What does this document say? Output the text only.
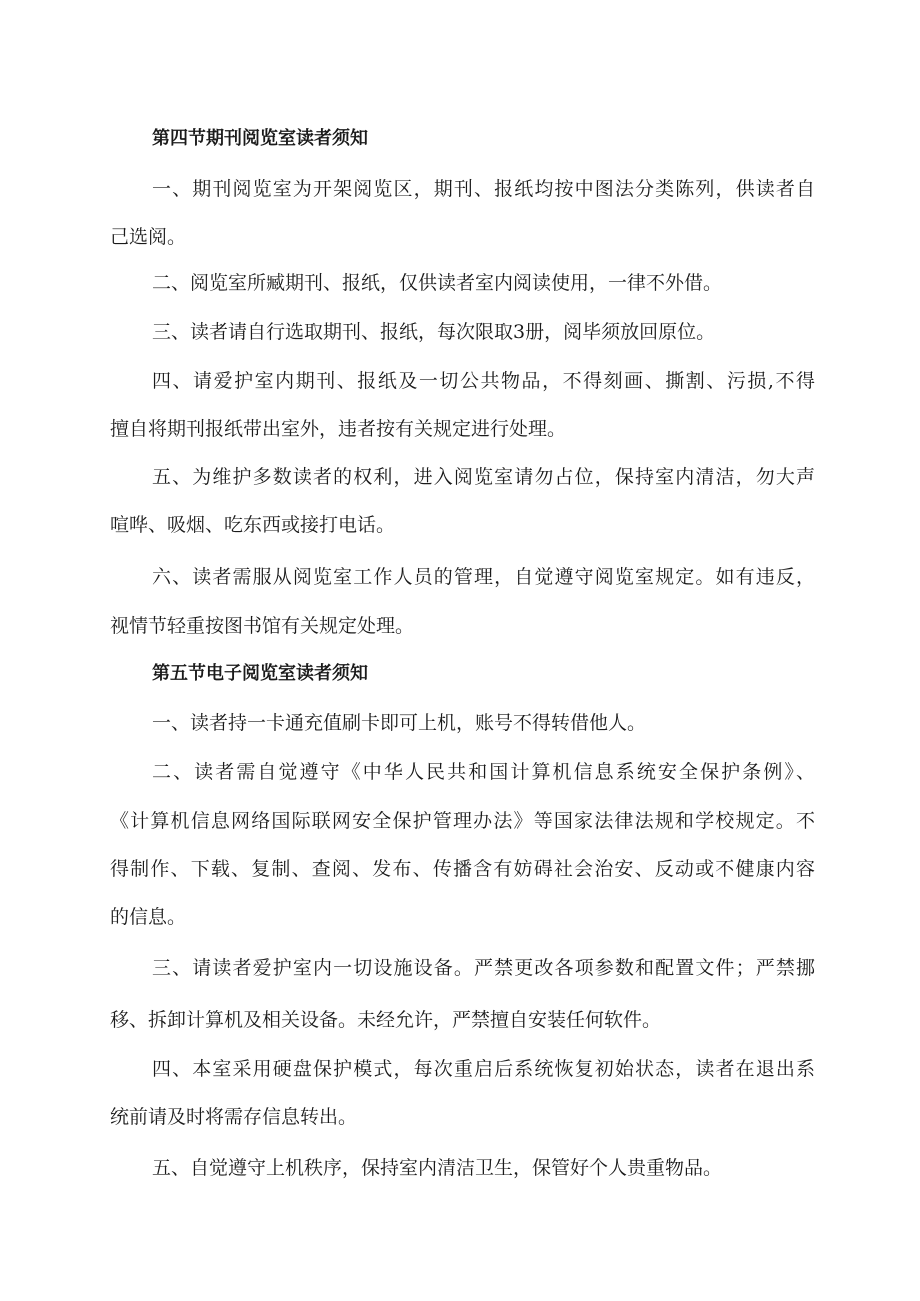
第四节期刊阅览室读者须知
一、期刊阅览室为开架阅览区，期刊、报纸均按中图法分类陈列，供读者自
己选阅。
二、阅览室所臧期刊、报纸，仅供读者室内阅读使用，一律不外借。
三、读者请自行选取期刊、报纸，每次限取3册，阅毕须放回原位。
四、请爱护室内期刊、报纸及一切公共物品，不得刻画、撕割、污损,不得
擅自将期刊报纸带出室外，违者按有关规定进行处理。
五、为维护多数读者的权利，进入阅览室请勿占位，保持室内清洁，勿大声
喧哗、吸烟、吃东西或接打电话。
六、读者需服从阅览室工作人员的管理，自觉遵守阅览室规定。如有违反，
视情节轻重按图书馆有关规定处理。
第五节电子阅览室读者须知
一、读者持一卡通充值刷卡即可上机，账号不得转借他人。
二、读者需自觉遵守《中华人民共和国计算机信息系统安全保护条例》、
《计算机信息网络国际联网安全保护管理办法》等国家法律法规和学校规定。不
得制作、下载、复制、查阅、发布、传播含有妨碍社会治安、反动或不健康内容
的信息。
三、请读者爱护室内一切设施设备。严禁更改各项参数和配置文件；严禁挪
移、拆卸计算机及相关设备。未经允许，严禁擅自安装任何软件。
四、本室采用硬盘保护模式，每次重启后系统恢复初始状态，读者在退出系
统前请及时将需存信息转出。
五、自觉遵守上机秩序，保持室内清洁卫生，保管好个人贵重物品。
